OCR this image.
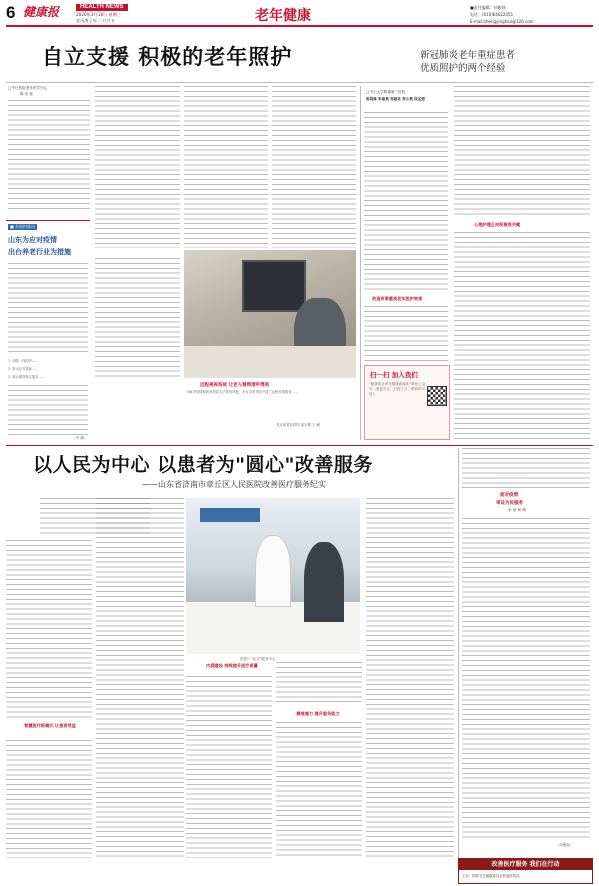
6 健康报	HEALTH NEWS
2020年3月18日 星期三
农历庚子年 二月廿五	老年健康
■责任编辑：何颖瑶
电话：(010)64622051
E-mail:zhengyinghan@126.com
自立支援 积极的老年照护	新冠肺炎老年重症患者
优质照护的两个经验
□中日医院老年医学中心
陈 佳 佳
■ 乡间村落讯
山东为应对疫情
出台养老行业为措施
1. 加强一线防护……
2. 推出应对措施……
3. 推动网络购买服务……
（齐 静）
远程视视系统 让老人看得清听得到
为解决疫情期间养老院无法探视问题，北京市养老院开通了远程视频服务……
北京养老局供图 邱宏网 王 峰
□中山大学附属第三医院
陈超雄 李素燕 郑丽花 郑小燕 段孟媛
改造有案重视老年医护效果
心理护理正向积极很关键
扫一扫 加入我们
"健康报社老年健康新媒体"微信公众号…欢迎关注，扫描下方二维码即可加入
以人民为中心 以患者为"圆心"改善服务
——山东省济南市章丘区人民医院改善医疗服务纪实
智慧医疗新模式 让患者受益
医院"一站式"服务中心
内涵建设 持续提升医疗质量
精准施力 提升服务能力
面对疫情
审证为民服务
宋 怡 何 晴
（栾聚福）
改善医疗服务 我们在行动
主办：国家卫生健康委员会医政医管局
